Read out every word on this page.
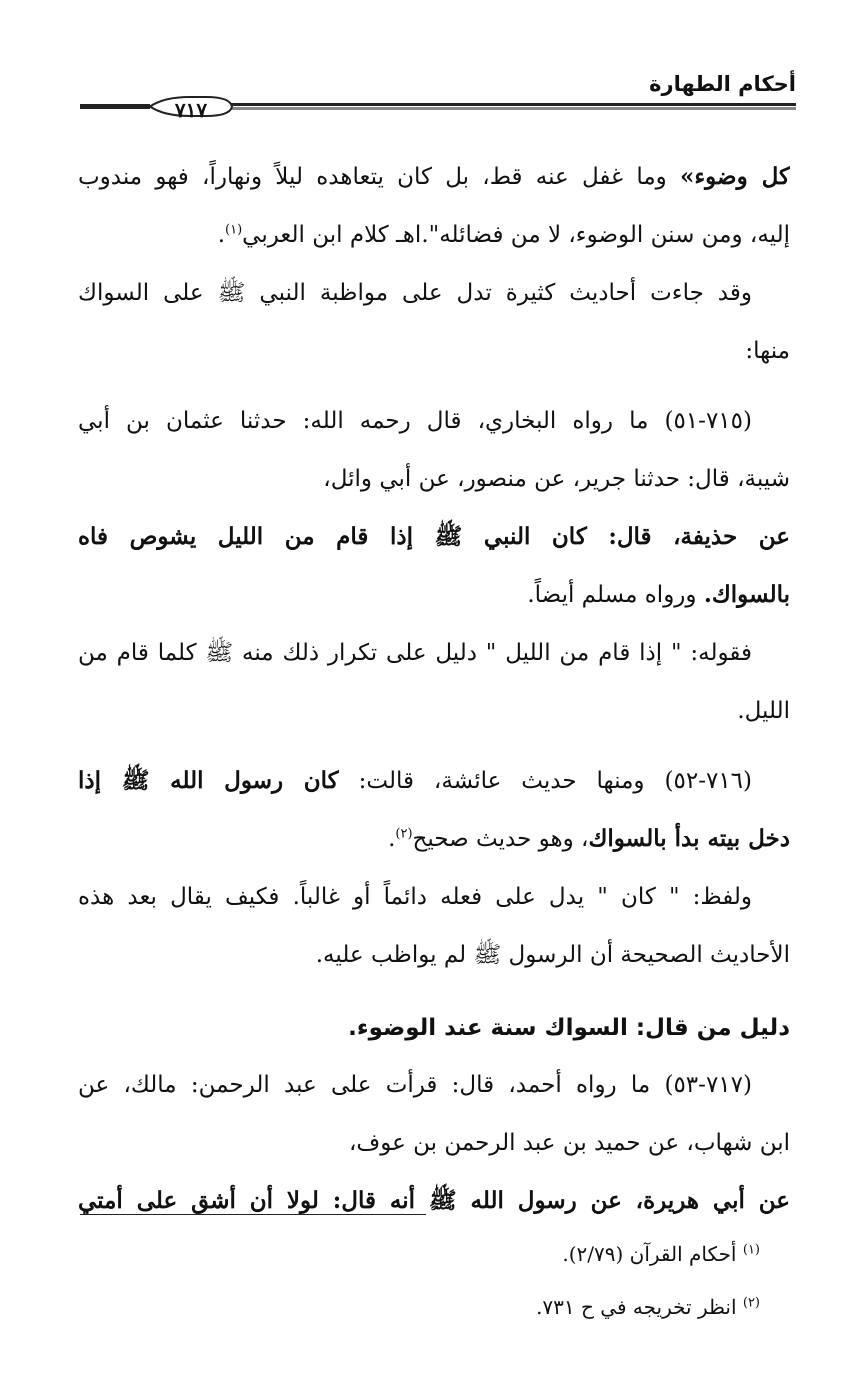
أحكام الطهارة
٧١٧
كل وضوء» وما غفل عنه قط، بل كان يتعاهده ليلاً ونهاراً، فهو مندوب
إليه، ومن سنن الوضوء، لا من فضائله".اهـ كلام ابن العربي$^{(١)}$.
وقد جاءت أحاديث كثيرة تدل على مواظبة النبي ﷺ على السواك
منها:
(٧١٥-٥١) ما رواه البخاري، قال رحمه الله: حدثنا عثمان بن أبي
شيبة، قال: حدثنا جرير، عن منصور، عن أبي وائل،
عن حذيفة، قال: كان النبي ﷺ إذا قام من الليل يشوص فاه
بالسواك. ورواه مسلم أيضاً.
فقوله: " إذا قام من الليل " دليل على تكرار ذلك منه ﷺ كلما قام من
الليل.
(٧١٦-٥٢) ومنها حديث عائشة، قالت: كان رسول الله ﷺ إذا
دخل بيته بدأ بالسواك، وهو حديث صحيح$^{(٢)}$.
ولفظ: " كان " يدل على فعله دائماً أو غالباً. فكيف يقال بعد هذه
الأحاديث الصحيحة أن الرسول ﷺ لم يواظب عليه.
دليل من قال: السواك سنة عند الوضوء.
(٧١٧-٥٣) ما رواه أحمد، قال: قرأت على عبد الرحمن: مالك، عن
ابن شهاب، عن حميد بن عبد الرحمن بن عوف،
عن أبي هريرة، عن رسول الله ﷺ أنه قال: لولا أن أشق على أمتي
$^{(١)}$ أحكام القرآن (٢/٧٩).
$^{(٢)}$ انظر تخريجه في ح ٧٣١.
